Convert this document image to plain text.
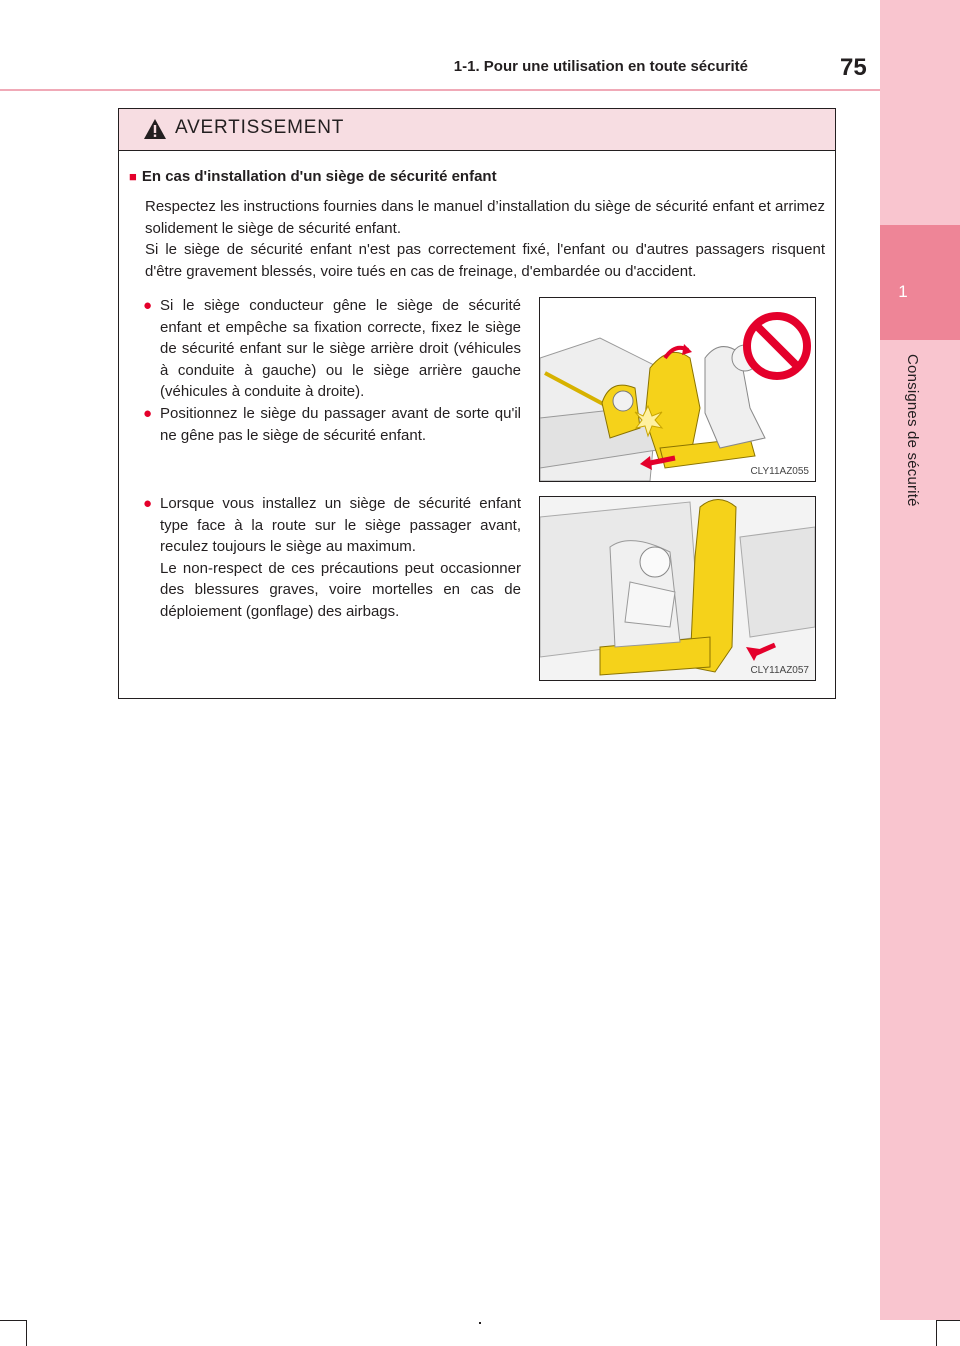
1-1. Pour une utilisation en toute sécurité	75
1
Consignes de sécurité
AVERTISSEMENT
■ En cas d'installation d'un siège de sécurité enfant

Respectez les instructions fournies dans le manuel d’installation du siège de sécurité enfant et arrimez solidement le siège de sécurité enfant.

Si le siège de sécurité enfant n'est pas correctement fixé, l'enfant ou d'autres passagers risquent d'être gravement blessés, voire tués en cas de freinage, d'embardée ou d'accident.

● Si le siège conducteur gêne le siège de sécurité enfant et empêche sa fixation correcte, fixez le siège de sécurité enfant sur le siège arrière droit (véhicules à conduite à gauche) ou le siège arrière gauche (véhicules à conduite à droite).

● Positionnez le siège du passager avant de sorte qu'il ne gêne pas le siège de sécurité enfant.

● Lorsque vous installez un siège de sécurité enfant type face à la route sur le siège passager avant, reculez toujours le siège au maximum.

Le non-respect de ces précautions peut occasionner des blessures graves, voire mortelles en cas de déploiement (gonflage) des airbags.

CLY11AZ055
CLY11AZ057
